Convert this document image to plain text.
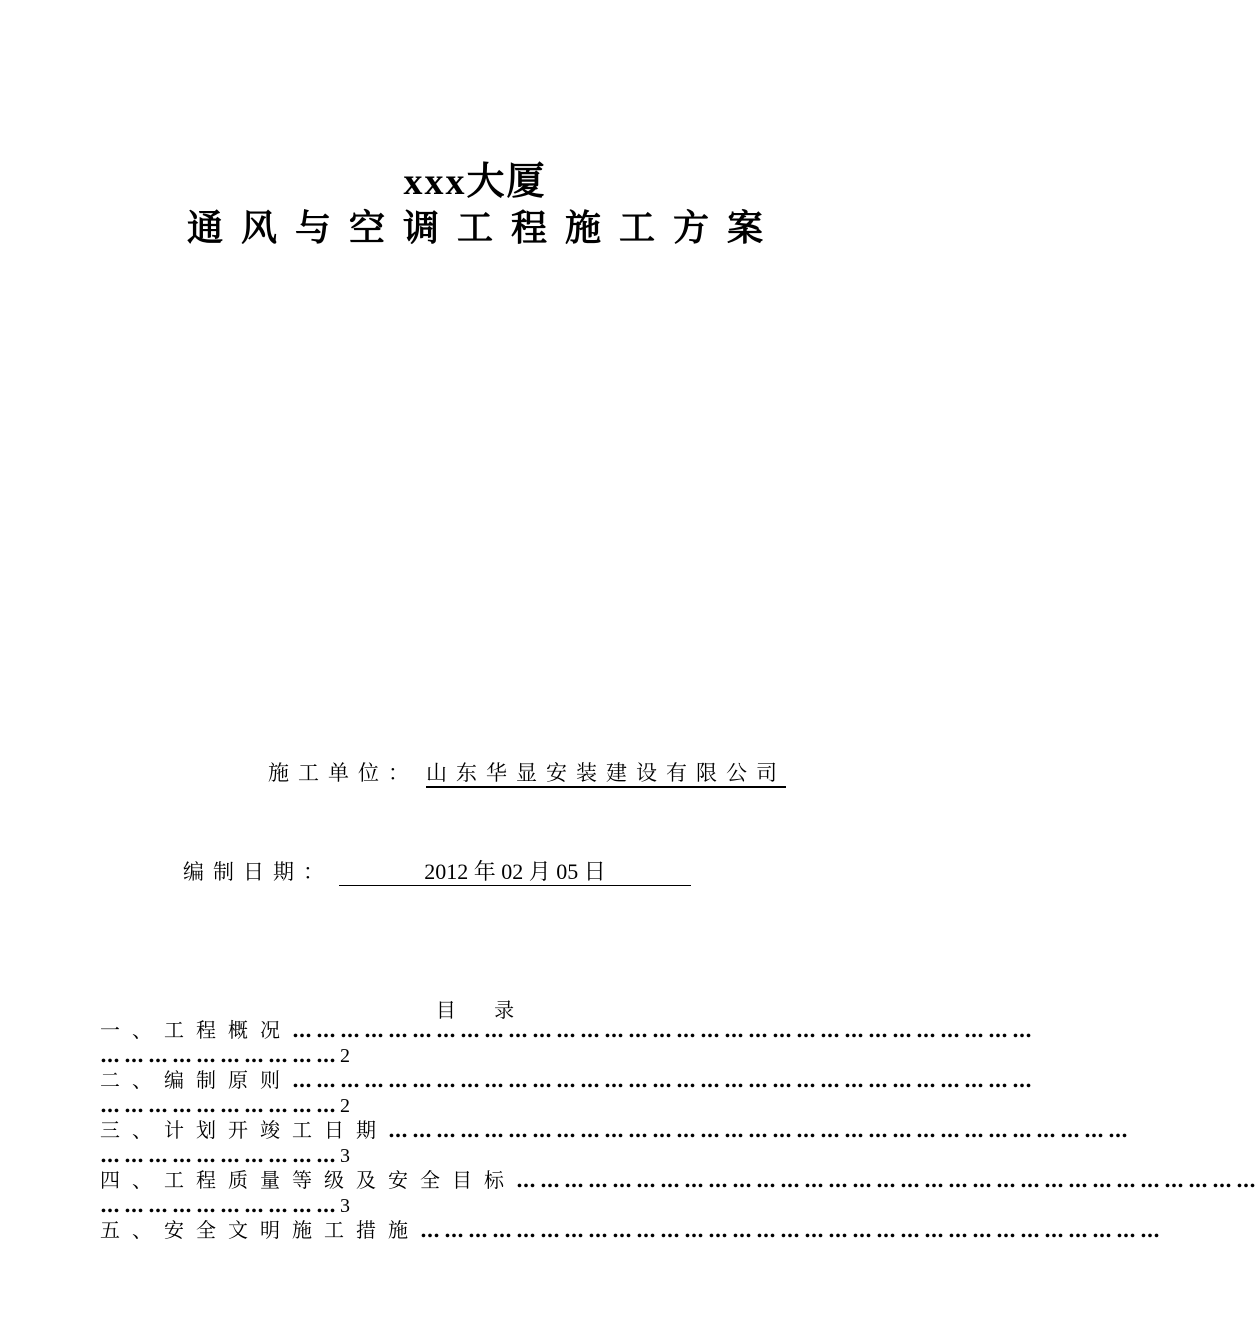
xxx大厦
通风与空调工程施工方案
施工单位： 山东华显安装建设有限公司
编制日期：	2012 年 02 月 05 日
目      录
一、工程概况 …………………………………………………………………………………
…………………………2
二、编制原则 …………………………………………………………………………………
…………………………2
三、计划开竣工日期 …………………………………………………………………………………
…………………………3
四、工程质量等级及安全目标 …………………………………………………………………………………
…………………………3
五、安全文明施工措施 …………………………………………………………………………………
